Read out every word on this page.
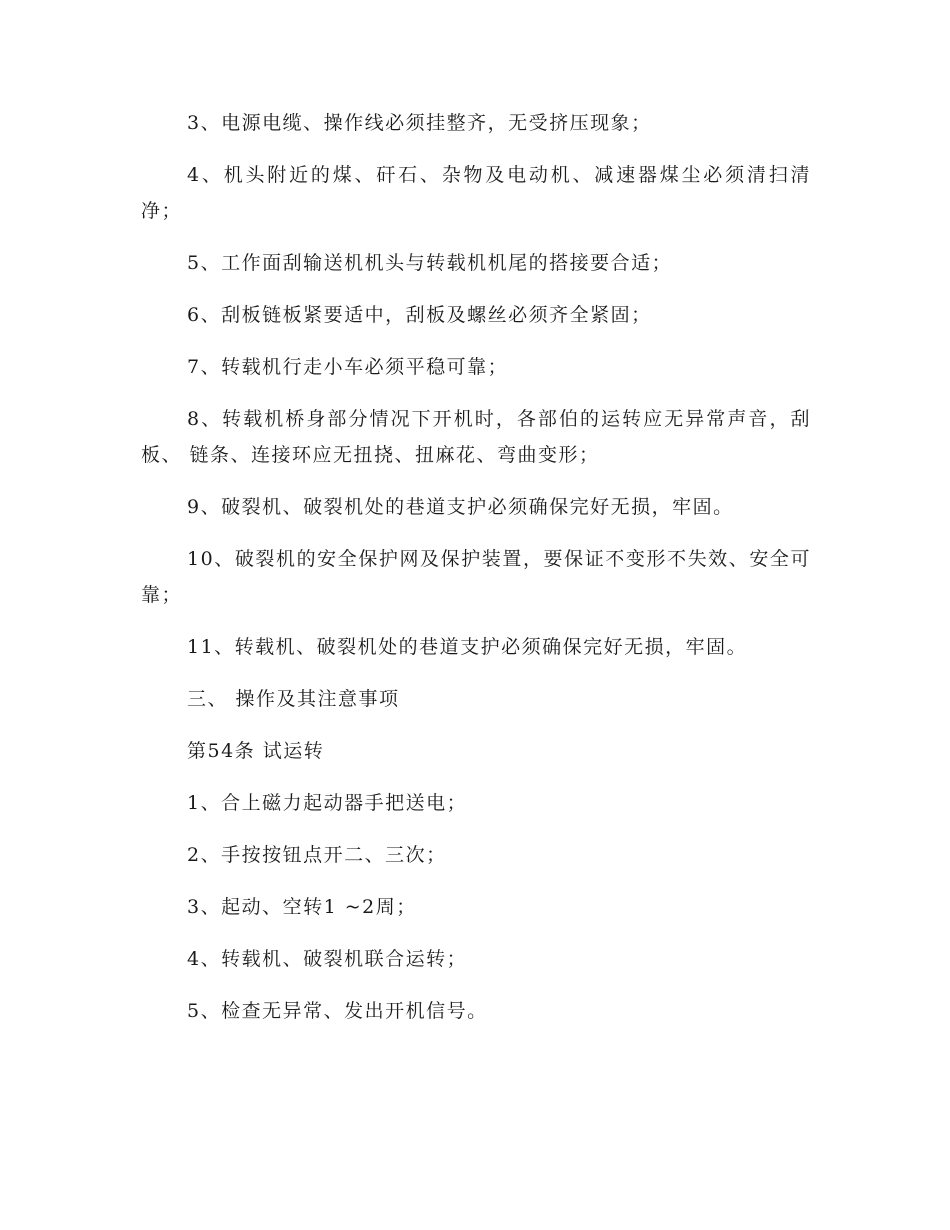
3、电源电缆、操作线必须挂整齐，无受挤压现象；

4、机头附近的煤、矸石、杂物及电动机、减速器煤尘必须清扫清净；

5、工作面刮输送机机头与转载机机尾的搭接要合适；

6、刮板链板紧要适中，刮板及螺丝必须齐全紧固；

7、转载机行走小车必须平稳可靠；

8、转载机桥身部分情况下开机时，各部伯的运转应无异常声音，刮板、 链条、连接环应无扭挠、扭麻花、弯曲变形；

9、破裂机、破裂机处的巷道支护必须确保完好无损，牢固。

10、破裂机的安全保护网及保护装置，要保证不变形不失效、安全可靠；

11、转载机、破裂机处的巷道支护必须确保完好无损，牢固。

三、 操作及其注意事项

第54条 试运转

1、合上磁力起动器手把送电；

2、手按按钮点开二、三次；

3、起动、空转1 ~2周；

4、转载机、破裂机联合运转；

5、检查无异常、发出开机信号。
